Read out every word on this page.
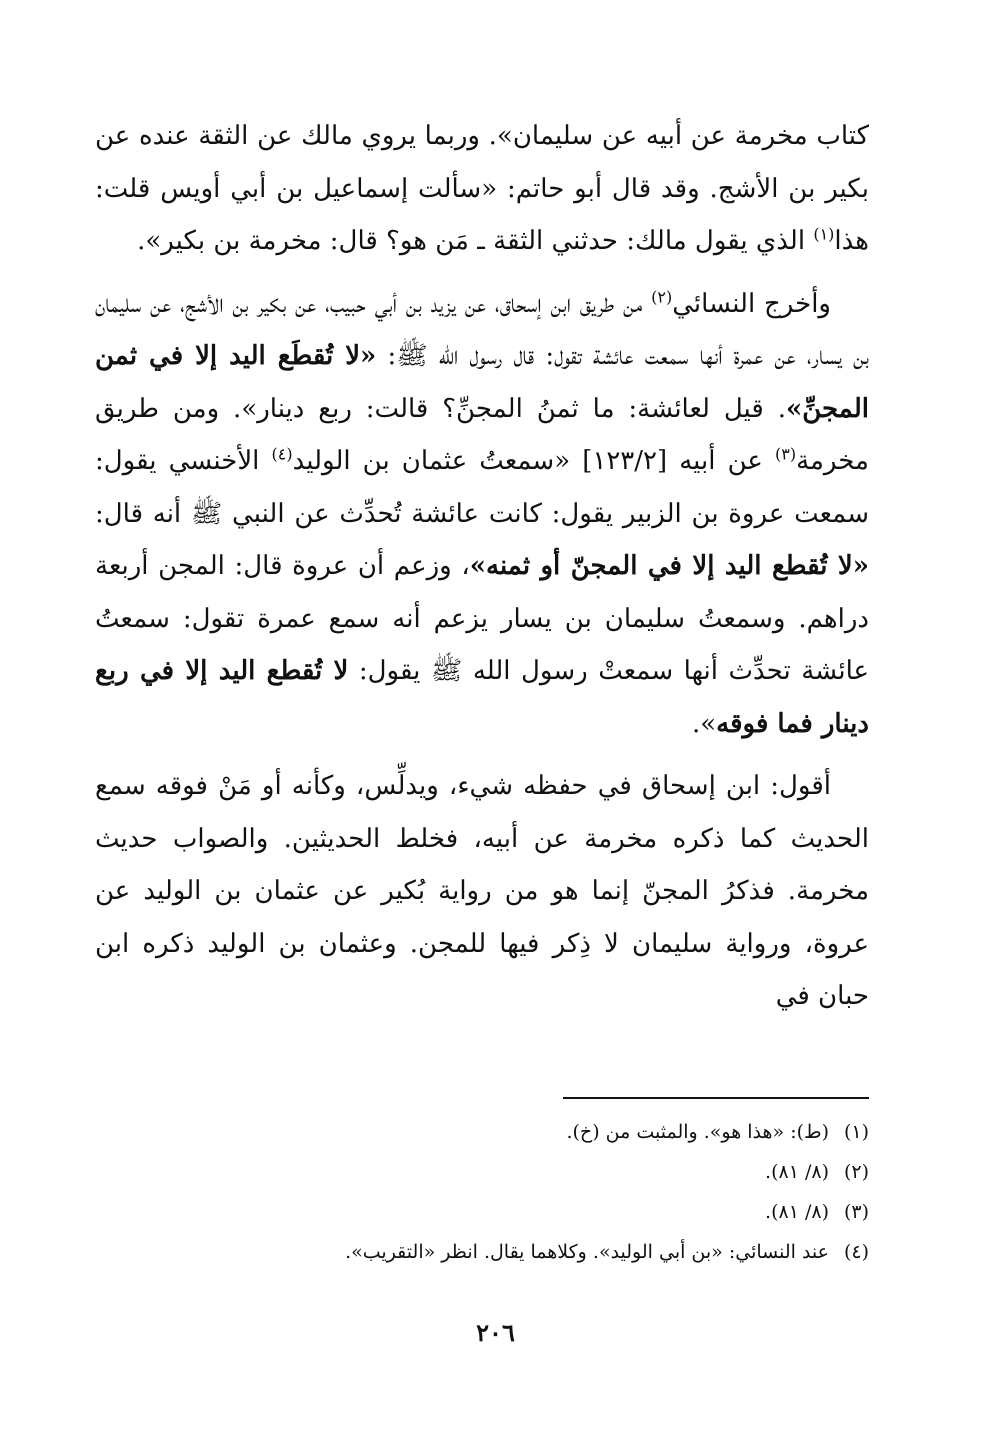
كتاب مخرمة عن أبيه عن سليمان». وربما يروي مالك عن الثقة عنده عن بكير بن الأشج. وقد قال أبو حاتم: «سألت إسماعيل بن أبي أويس قلت: هذا$^{(١)}$ الذي يقول مالك: حدثني الثقة ـ مَن هو؟ قال: مخرمة بن بكير».

وأخرج النسائي$^{(٢)}$ من طريق ابن إسحاق، عن يزيد بن أبي حبيب، عن بكير بن الأشج، عن سليمان بن يسار، عن عمرة أنها سمعت عائشة تقول: قال رسول الله ﷺ: «لا تُقطَع اليد إلا في ثمن المجنِّ». قيل لعائشة: ما ثمنُ المجنِّ؟ قالت: ربع دينار». ومن طريق مخرمة$^{(٣)}$ عن أبيه [١٢٣/٢] «سمعتُ عثمان بن الوليد$^{(٤)}$ الأخنسي يقول: سمعت عروة بن الزبير يقول: كانت عائشة تُحدِّث عن النبي ﷺ أنه قال: «لا تُقطع اليد إلا في المجنّ أو ثمنه»، وزعم أن عروة قال: المجن أربعة دراهم. وسمعتُ سليمان بن يسار يزعم أنه سمع عمرة تقول: سمعتُ عائشة تحدِّث أنها سمعتْ رسول الله ﷺ يقول: لا تُقطع اليد إلا في ربع دينار فما فوقه».

أقول: ابن إسحاق في حفظه شيء، ويدلِّس، وكأنه أو مَنْ فوقه سمع الحديث كما ذكره مخرمة عن أبيه، فخلط الحديثين. والصواب حديث مخرمة. فذكرُ المجنّ إنما هو من رواية بُكير عن عثمان بن الوليد عن عروة، ورواية سليمان لا ذِكر فيها للمجن. وعثمان بن الوليد ذكره ابن حبان في

(١)(ط): «هذا هو». والمثبت من (خ).
(٢)(٨/ ٨١).
(٣)(٨/ ٨١).
(٤)عند النسائي: «بن أبي الوليد». وكلاهما يقال. انظر «التقريب».
٢٠٦
